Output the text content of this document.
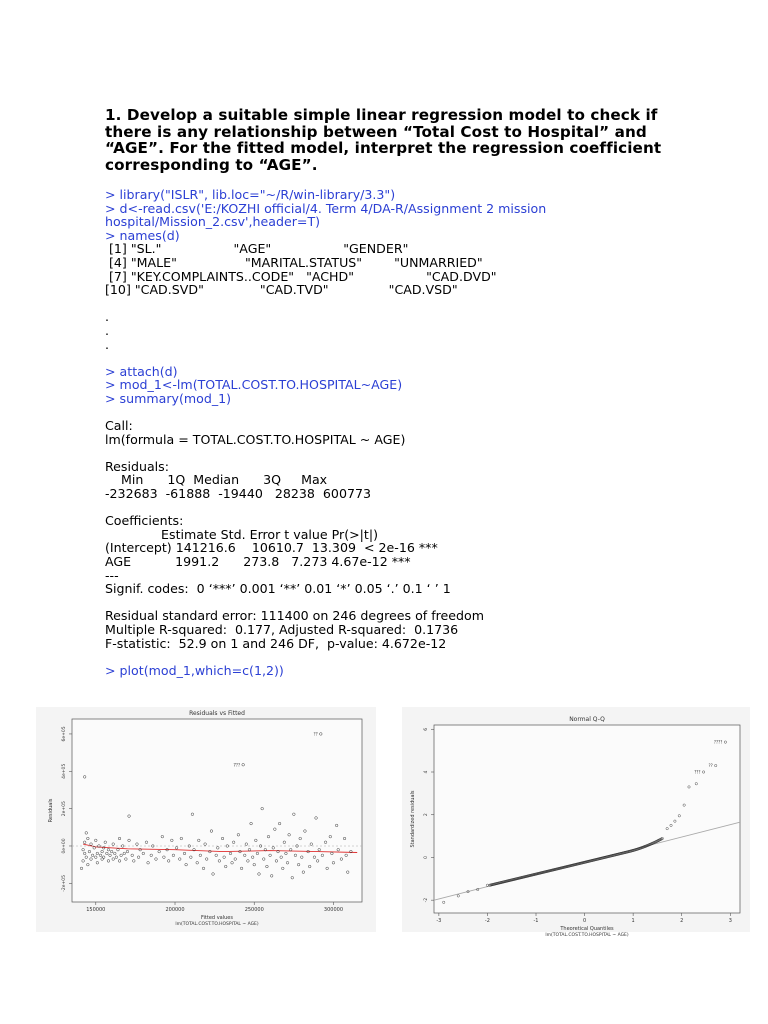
1. Develop a suitable simple linear regression model to check if
there is any relationship between “Total Cost to Hospital” and
“AGE”. For the fitted model, interpret the regression coefficient
corresponding to “AGE”.
> library("ISLR", lib.loc="~/R/win-library/3.3")
> d<-read.csv('E:/KOZHI official/4. Term 4/DA-R/Assignment 2 mission
hospital/Mission_2.csv',header=T)
> names(d)
[1] "SL."                  "AGE"                  "GENDER"
[4] "MALE"                 "MARITAL.STATUS"        "UNMARRIED"
[7] "KEY.COMPLAINTS..CODE"   "ACHD"                  "CAD.DVD"
[10] "CAD.SVD"              "CAD.TVD"               "CAD.VSD"
.
.
.
> attach(d)
> mod_1<-lm(TOTAL.COST.TO.HOSPITAL~AGE)
> summary(mod_1)
Call:
lm(formula = TOTAL.COST.TO.HOSPITAL ~ AGE)
Residuals:
Min      1Q  Median      3Q     Max
-232683  -61888  -19440   28238  600773
Coefficients:
Estimate Std. Error t value Pr(>|t|)
(Intercept) 141216.6    10610.7  13.309  < 2e-16 ***
AGE           1991.2      273.8   7.273 4.67e-12 ***
---
Signif. codes:  0 ‘***’ 0.001 ‘**’ 0.01 ‘*’ 0.05 ‘.’ 0.1 ‘ ’ 1
Residual standard error: 111400 on 246 degrees of freedom
Multiple R-squared:  0.177, Adjusted R-squared:  0.1736
F-statistic:  52.9 on 1 and 246 DF,  p-value: 4.672e-12
> plot(mod_1,which=c(1,2))
Residuals vs Fitted
Fitted values
lm(TOTAL.COST.TO.HOSPITAL ~ AGE)
Residuals
150000	200000	250000	300000
-2e+05
0e+00
2e+05
4e+05
6e+05
7??
??
Normal Q-Q
Theoretical Quantiles
lm(TOTAL.COST.TO.HOSPITAL ~ AGE)
Standardized residuals
-3	-2	-1	0	1	2	3
-2
0
2
4
6
????
??
???
